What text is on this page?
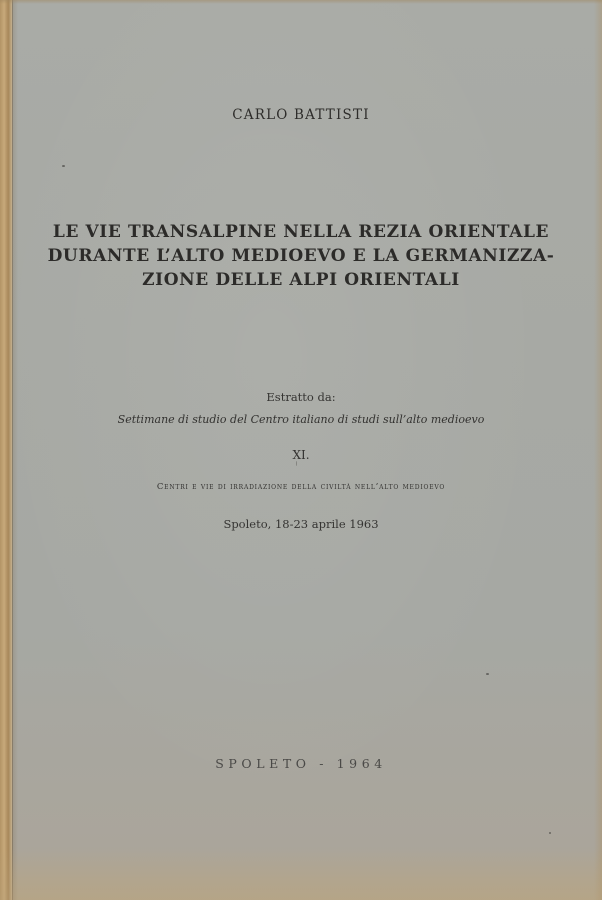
CARLO BATTISTI
LE VIE TRANSALPINE NELLA REZIA ORIENTALE
DURANTE L’ALTO MEDIOEVO E LA GERMANIZZA-
ZIONE DELLE ALPI ORIENTALI
Estratto da:
Settimane di studio del Centro italiano di studi sull’alto medioevo
XI.
Centri e vie di irradiazione della civiltà nell’alto medioevo
Spoleto, 18-23 aprile 1963
SPOLETO - 1964
